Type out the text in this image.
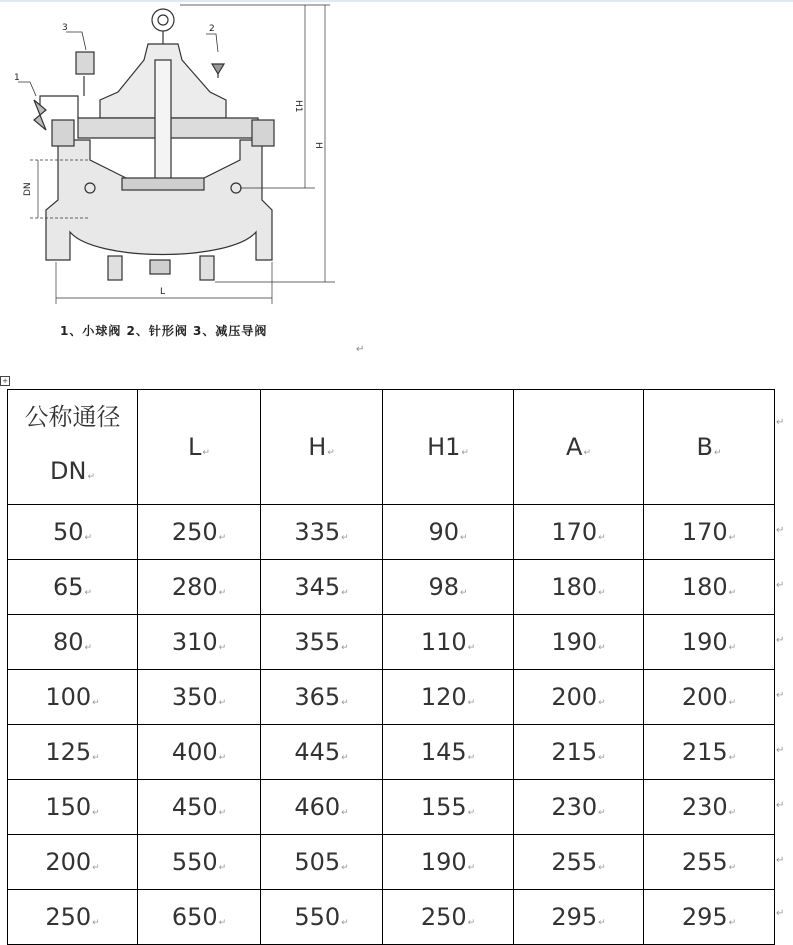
3	2
1
H1
H
DN
L
1、小球阀 2、针形阀 3、减压导阀
↵
+
公称通径
DN↵	L↵	H↵	H1↵	A↵	B↵
50↵	250↵	335↵	90↵	170↵	170↵
65↵	280↵	345↵	98↵	180↵	180↵
80↵	310↵	355↵	110↵	190↵	190↵
100↵	350↵	365↵	120↵	200↵	200↵
125↵	400↵	445↵	145↵	215↵	215↵
150↵	450↵	460↵	155↵	230↵	230↵
200↵	550↵	505↵	190↵	255↵	255↵
250↵	650↵	550↵	250↵	295↵	295↵
↵
↵
↵
↵
↵
↵
↵
↵
↵
